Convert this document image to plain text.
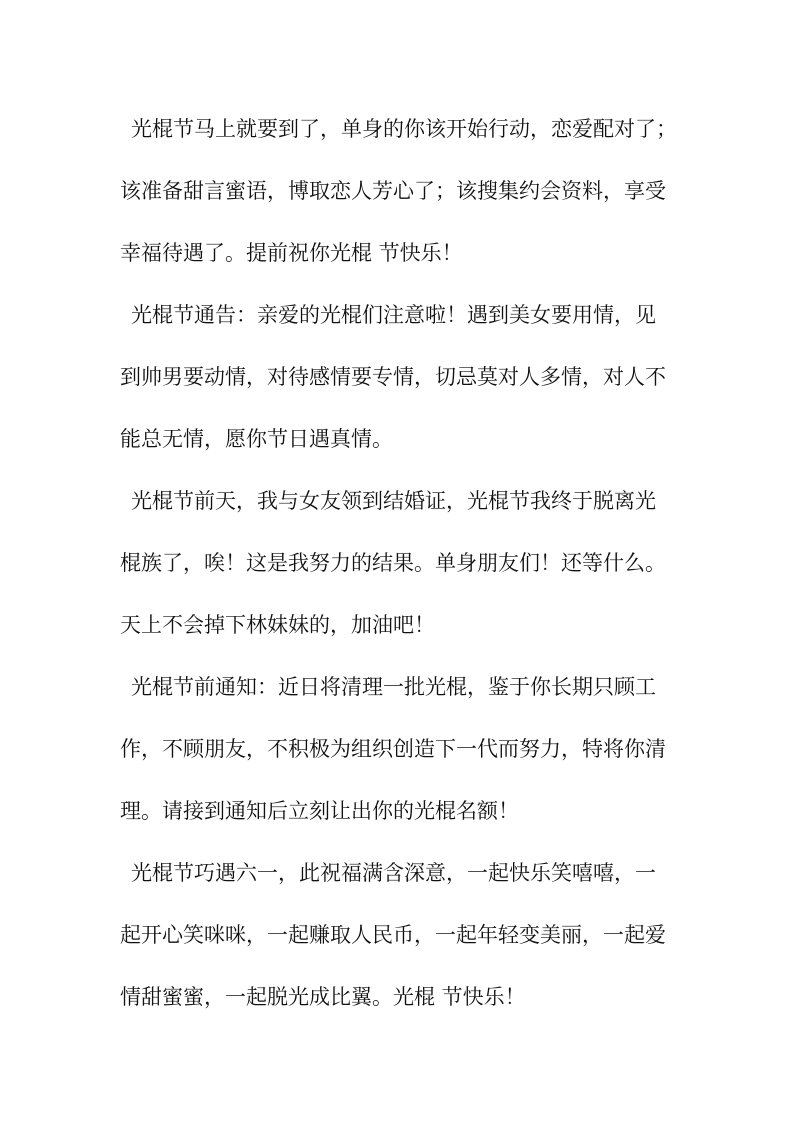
光棍节马上就要到了，单身的你该开始行动，恋爱配对了；
该准备甜言蜜语，博取恋人芳心了；该搜集约会资料，享受
幸福待遇了。提前祝你光棍 节快乐！
光棍节通告：亲爱的光棍们注意啦！遇到美女要用情，见
到帅男要动情，对待感情要专情，切忌莫对人多情，对人不
能总无情，愿你节日遇真情。
光棍节前天，我与女友领到结婚证，光棍节我终于脱离光
棍族了，唉！这是我努力的结果。单身朋友们！还等什么。
天上不会掉下林妹妹的，加油吧！
光棍节前通知：近日将清理一批光棍，鉴于你长期只顾工
作，不顾朋友，不积极为组织创造下一代而努力，特将你清
理。请接到通知后立刻让出你的光棍名额！
光棍节巧遇六一，此祝福满含深意，一起快乐笑嘻嘻，一
起开心笑咪咪，一起赚取人民币，一起年轻变美丽，一起爱
情甜蜜蜜，一起脱光成比翼。光棍 节快乐！
